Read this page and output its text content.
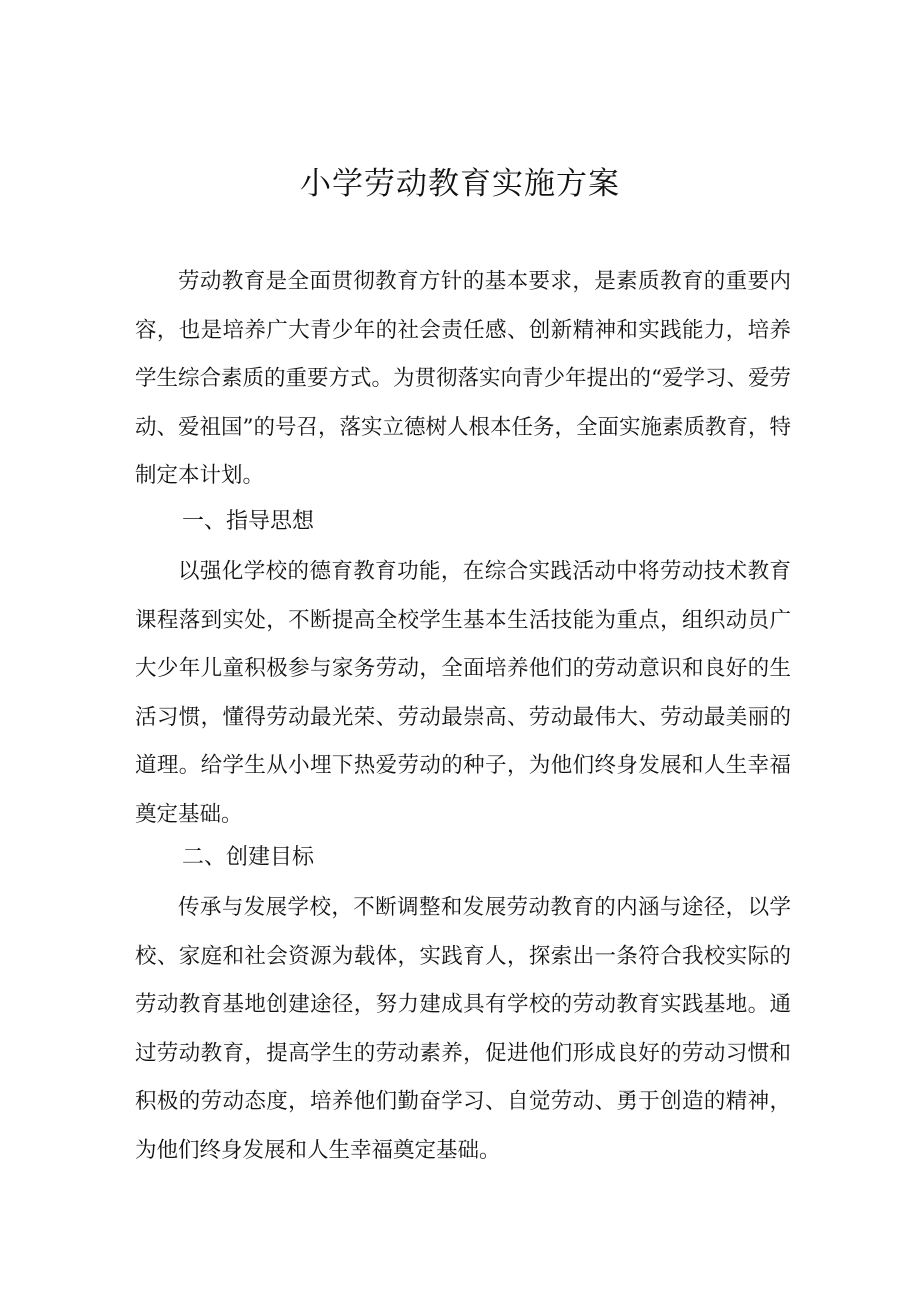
小学劳动教育实施方案

劳动教育是全面贯彻教育方针的基本要求，是素质教育的重要内容，也是培养广大青少年的社会责任感、创新精神和实践能力，培养学生综合素质的重要方式。为贯彻落实向青少年提出的“爱学习、爱劳动、爱祖国”的号召，落实立德树人根本任务，全面实施素质教育，特制定本计划。

一、指导思想

以强化学校的德育教育功能，在综合实践活动中将劳动技术教育课程落到实处，不断提高全校学生基本生活技能为重点，组织动员广大少年儿童积极参与家务劳动，全面培养他们的劳动意识和良好的生活习惯，懂得劳动最光荣、劳动最崇高、劳动最伟大、劳动最美丽的道理。给学生从小埋下热爱劳动的种子，为他们终身发展和人生幸福奠定基础。

二、创建目标

传承与发展学校，不断调整和发展劳动教育的内涵与途径，以学校、家庭和社会资源为载体，实践育人，探索出一条符合我校实际的劳动教育基地创建途径，努力建成具有学校的劳动教育实践基地。通过劳动教育，提高学生的劳动素养，促进他们形成良好的劳动习惯和积极的劳动态度，培养他们勤奋学习、自觉劳动、勇于创造的精神，为他们终身发展和人生幸福奠定基础。
